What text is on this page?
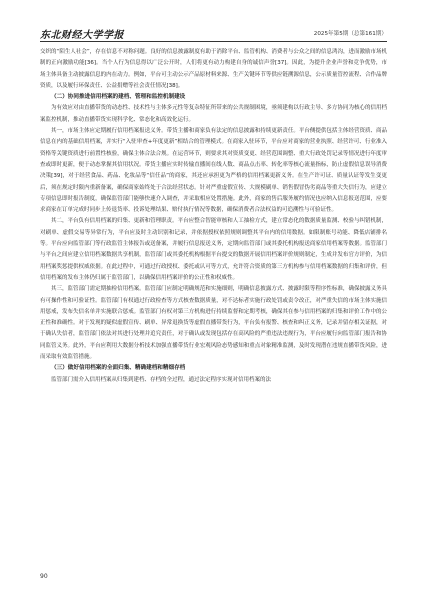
东北财经大学学报	2025年第5期（总第161期）

交织的“陌生人社会”，存在信息不对称问题。良好的信息披露制度有助于消除平台、监管机构、消费者与公众之间的信息鸿沟，进而激励市场机制的正向激励功能[36]。当个人行为信息得以广泛公开时，人们将更有动力构建自身的诚信声誉[37]。因此，为提升企业声誉和竞争优势，市场主体具备主动披露信息的内在动力。例如，平台可主动公示产品原材料来源、生产关键环节等供应链溯源信息，公示质量管控流程、合作品牌资质，以及履行环保责任、公益捐赠等社会责任情况[38]。

（二）协同推进信用档案的建档、管理和监控机制建设

为有效应对由直播带货的动态性、技术性与主体多元性等复杂特征所带来的公共规制困境，亟须建构以行政主导、多方协同为核心的信用档案监控机制，推动直播带货实现科学化、常态化和高效化运行。

其一，市场主体应定期履行信用档案报送义务。带货主播和商家负有法定的信息披露和持续更新责任。平台侧提供包括主体经营资质、商品信息在内的基础信用档案，并实行“入驻审查+年度更新”相结合的管理模式。在商家入驻环节，平台应对商家的营业执照、经营许可、行业准入资格等关键资质进行前置性核验，确保主体合法合规。在运营环节，则要求其对资质变更、经营范围调整、重大行政处罚记录等情况进行年度审查或即时更新，便于动态掌握其信用状况。带货主播应实时传输直播间在线人数、商品点击率、转化率等核心流量指标，防止虚假信息误导消费决策[39]，对于经营食品、药品、化妆品等“信任品”的商家，其还应承担更为严格的信用档案更新义务。在生产许可证、质量认证等发生变更后，须在规定时限内重新备案，确保商家始终处于合法经营状态。针对严重虚假宣传、大规模刷单、销售假冒伪劣商品等重大失信行为，应建立专项信息即时报告制度，确保监管部门能够快速介入调查，并采取相应处置措施。此外，商家的售后服务履约情况也应纳入信息报送范围，应要求商家在订单完成时同步上传退货率、投诉处理结果、赔付执行情况等数据，确保消费者合法权益的可追溯性与可验证性。

其二，平台负有信用档案的归集、更新和管理职责。平台应整合智能审核和人工抽检方式，建立常态化的数据质量监测、校验与纠错机制，对刷单、虚假交易等异常行为，平台应及时主动识别和记录，并依据授权依照规则调整其平台内的信用数据。如限制账号功能、降低店铺排名等。平台应向监管部门等行政监管主体报告或送备案，并履行信息报送义务，定期向监管部门或其委托机构报送商家信用档案等数据。监管部门与平台之间应建立信用档案数据共享机制，监管部门或其委托机构根据平台提交的数据开展信用档案评价规则制定，生成并发布官方评价，为信用档案奖惩提供权威依据。在此过程中，可通过行政授权、委托或认可等方式，允许符合资质的第三方机构参与信用档案数据的归集和评价，但信用档案的发布主体仍归属于监管部门，以确保信用档案评价的公正性和权威性。

其三，监管部门需定期抽检信用档案。监管部门应制定明确规范和实施细则，明确信息披露方式、披露时限等程序性标准，确保披露义务具有可操作性和可验证性。监管部门有权通过行政检查等方式核查数据质量，对不达标者实施行政处罚或责令改正，对严重失信的市场主体实施信用惩戒，发布失信名单并实施联合惩戒。监管部门有权对第三方机构进行持续监督和定期考核，确保其在参与信用档案的归集和评价工作中的公正性和准确性。对于发现的疑似虚假宣传、刷单、异常退换货等虚假直播带货行为，平台负有报警、核查和纠正义务，记录并留存相关证据，对于确认失信者，监管部门依法对其进行处理并追究责任，对于确认或发现包括存在高风险的严重违法违规行为，平台应履行向监管部门报告和协同监管义务。此外，平台应利用大数据分析技术加强直播带货行业宏观风险态势感知和重点对象精准监测，及时发现潜在违规直播带货风险，进而采取有效监管措施。

（三）做好信用档案的全面归集、精确建档和精细存档

监管部门需介入信用档案从归集到建档、存档的全过程，通过法定程序实现对信用档案的法

90
